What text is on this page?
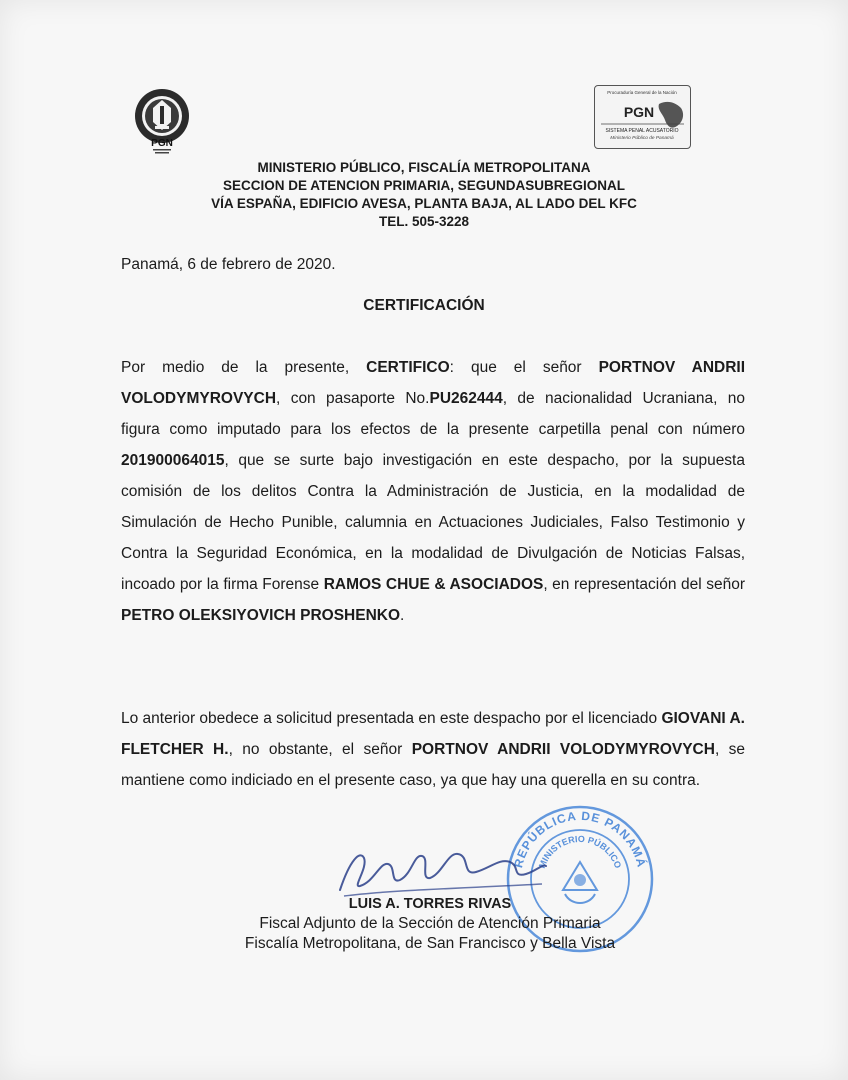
PGN
Procuraduría General de la Nación
PGN
SISTEMA PENAL ACUSATORIO
Ministerio Público de Panamá
MINISTERIO PÚBLICO, FISCALÍA METROPOLITANA
SECCION DE ATENCION PRIMARIA, SEGUNDASUBREGIONAL
VÍA ESPAÑA, EDIFICIO AVESA, PLANTA BAJA, AL LADO DEL KFC
TEL. 505-3228
Panamá, 6 de febrero de 2020.
CERTIFICACIÓN
Por medio de la presente, CERTIFICO: que el señor PORTNOV ANDRII VOLODYMYROVYCH, con pasaporte No.PU262444, de nacionalidad Ucraniana, no figura como imputado para los efectos de la presente carpetilla penal con número 201900064015, que se surte bajo investigación en este despacho, por la supuesta comisión de los delitos Contra la Administración de Justicia, en la modalidad de Simulación de Hecho Punible, calumnia en Actuaciones Judiciales, Falso Testimonio y Contra la Seguridad Económica, en la modalidad de Divulgación de Noticias Falsas, incoado por la firma Forense RAMOS CHUE & ASOCIADOS, en representación del señor PETRO OLEKSIYOVICH PROSHENKO.
Lo anterior obedece a solicitud presentada en este despacho por el licenciado GIOVANI A. FLETCHER H., no obstante, el señor PORTNOV ANDRII VOLODYMYROVYCH, se mantiene como indiciado en el presente caso, ya que hay una querella en su contra.
REPÚBLICA DE PANAMÁ
MINISTERIO PÚBLICO
LUIS A. TORRES RIVAS
Fiscal Adjunto de la Sección de Atención Primaria
Fiscalía Metropolitana, de San Francisco y Bella Vista
